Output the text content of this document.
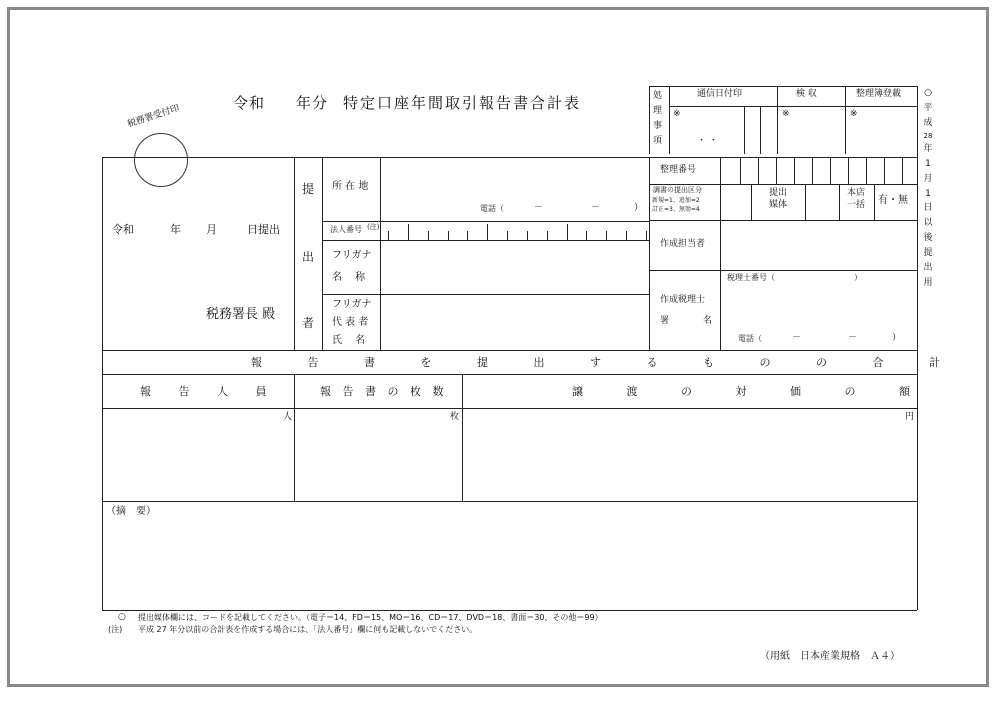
令和 年分 特定口座年間取引報告書合計表
税務署受付印
処
理
事
項
通信日付印	検 収	整理簿登載
※	※	※
・ ・
令和	年 月	日提出
税務署長 殿
提
出
者
所 在 地
電話（	－	－	）
法人番号 (注)
フリガナ
名　 称
フリガナ
代 表 者
氏　 名
整理番号
調書の提出区分
新規=1、追加=2
訂正=3、無効=4
提出
媒体
本店
一括 有・無
作成担当者
税理士番号（	）
作成税理士
署	名
電話（	－	－	）
報 告 書 を 提 出 す る も の の 合 計
報 告 人 員	報 告 書 の 枚 数	譲 渡 の 対 価 の 額
人	枚	円
（摘　要）
○ 提出媒体欄には、コードを記載してください。（電子＝14、FD＝15、MO＝16、CD＝17、DVD＝18、書面＝30、その他＝99）
(注) 平成 27 年分以前の合計表を作成する場合には、「法人番号」欄に何も記載しないでください。
（用紙　日本産業規格　Ａ４）
○
平
成
28
年
1
月
1
日
以
後
提
出
用
